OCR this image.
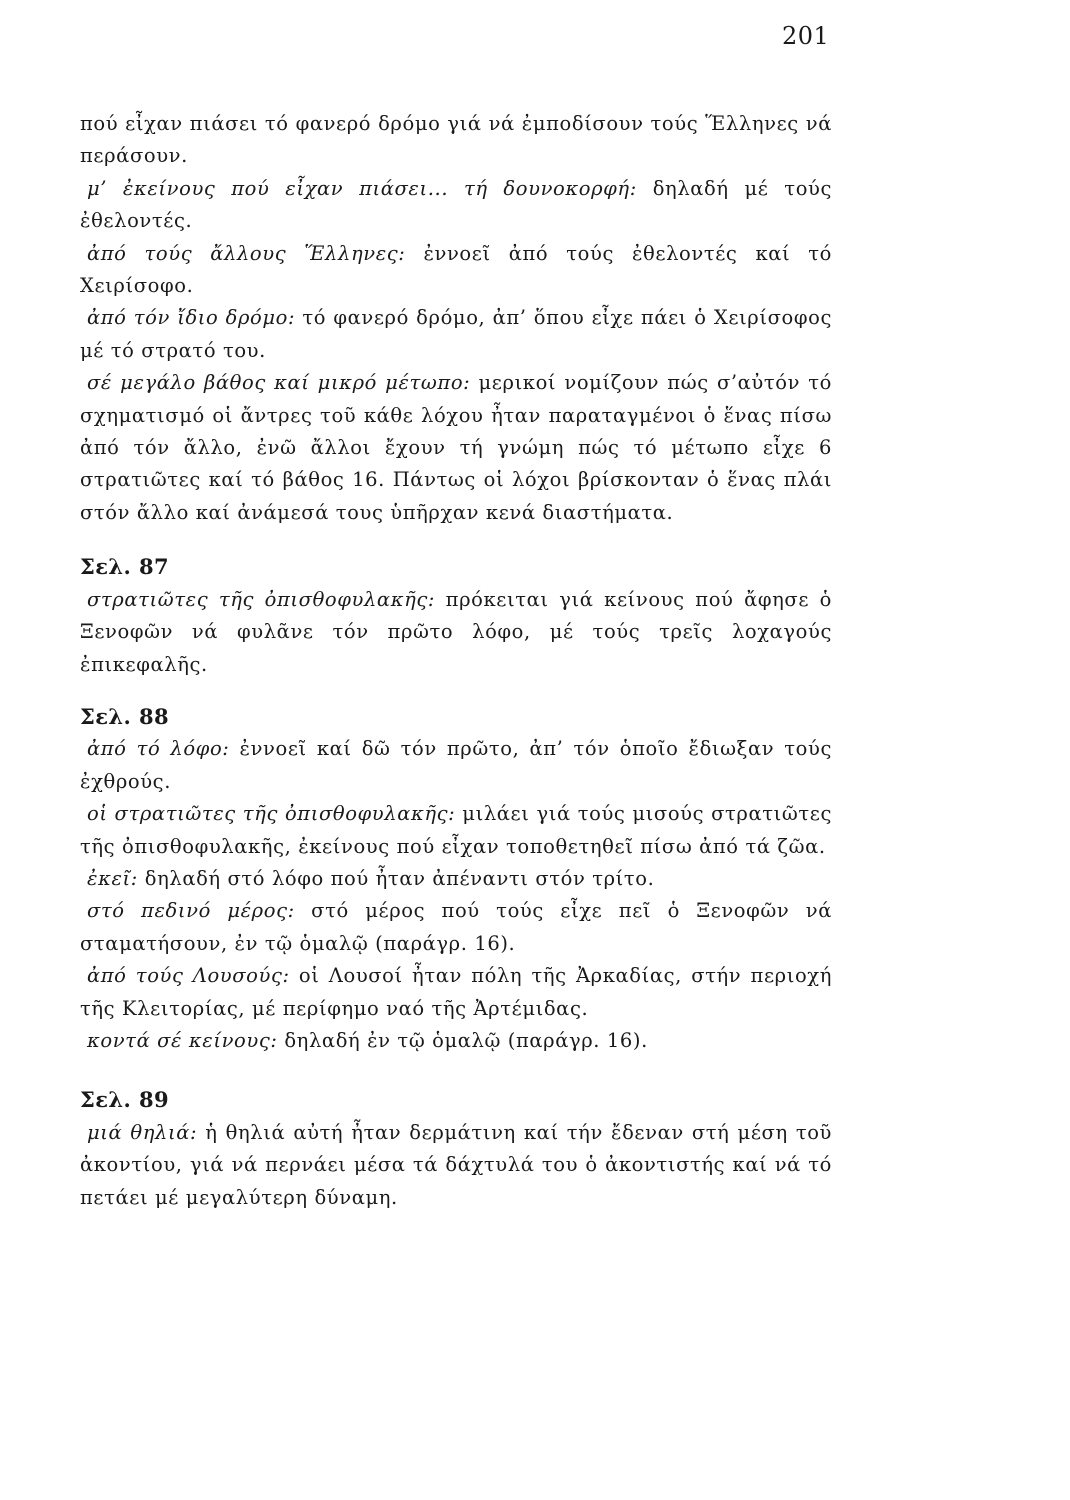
201

πού εἶχαν πιάσει τό φανερό δρόμο γιά νά ἐμποδίσουν τούς Ἕλληνες νά περάσουν.

μ’ ἐκείνους πού εἶχαν πιάσει... τή δουνοκορφή: δηλαδή μέ τούς ἐθελοντές.

ἀπό τούς ἄλλους Ἕλληνες: ἐννοεῖ ἀπό τούς ἐθελοντές καί τό Χειρίσοφο.

ἀπό τόν ἴδιο δρόμο: τό φανερό δρόμο, ἀπ’ ὅπου εἶχε πάει ὁ Χειρίσοφος μέ τό στρατό του.

σέ μεγάλο βάθος καί μικρό μέτωπο: μερικοί νομίζουν πώς σ’αὐτόν τό σχηματισμό οἱ ἄντρες τοῦ κάθε λόχου ἦταν παραταγμένοι ὁ ἕνας πίσω ἀπό τόν ἄλλο, ἐνῶ ἄλλοι ἔχουν τή γνώμη πώς τό μέτωπο εἶχε 6 στρατιῶτες καί τό βάθος 16. Πάντως οἱ λόχοι βρίσκονταν ὁ ἕνας πλάι στόν ἄλλο καί ἀνάμεσά τους ὑπῆρχαν κενά διαστήματα.

Σελ. 87

στρατιῶτες τῆς ὀπισθοφυλακῆς: πρόκειται γιά κείνους πού ἄφησε ὁ Ξενοφῶν νά φυλᾶνε τόν πρῶτο λόφο, μέ τούς τρεῖς λοχαγούς ἐπικεφαλῆς.

Σελ. 88

ἀπό τό λόφο: ἐννοεῖ καί δῶ τόν πρῶτο, ἀπ’ τόν ὁποῖο ἔδιωξαν τούς ἐχθρούς.

οἱ στρατιῶτες τῆς ὀπισθοφυλακῆς: μιλάει γιά τούς μισούς στρατιῶτες τῆς ὀπισθοφυλακῆς, ἐκείνους πού εἶχαν τοποθετηθεῖ πίσω ἀπό τά ζῶα.

ἐκεῖ: δηλαδή στό λόφο πού ἦταν ἀπέναντι στόν τρίτο.

στό πεδινό μέρος: στό μέρος πού τούς εἶχε πεῖ ὁ Ξενοφῶν νά σταματήσουν, ἐν τῷ ὁμαλῷ (παράγρ. 16).

ἀπό τούς Λουσούς: οἱ Λουσοί ἦταν πόλη τῆς Ἀρκαδίας, στήν περιοχή τῆς Κλειτορίας, μέ περίφημο ναό τῆς Ἀρτέμιδας.

κοντά σέ κείνους: δηλαδή ἐν τῷ ὁμαλῷ (παράγρ. 16).

Σελ. 89

μιά θηλιά: ἡ θηλιά αὐτή ἦταν δερμάτινη καί τήν ἔδεναν στή μέση τοῦ ἀκοντίου, γιά νά περνάει μέσα τά δάχτυλά του ὁ ἀκοντιστής καί νά τό πετάει μέ μεγαλύτερη δύναμη.
